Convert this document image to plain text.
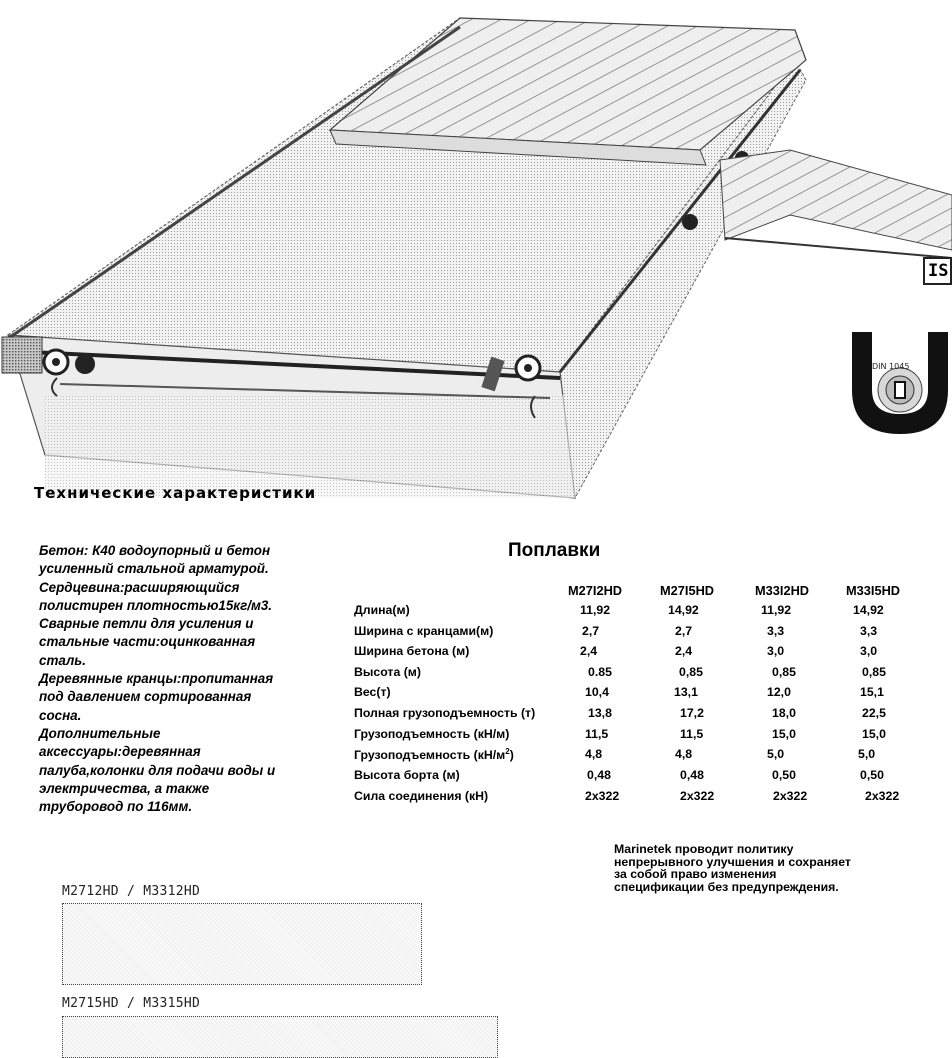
IS
DIN 1045
Технические характеристики
Бетон: К40 водоупорный и бетон
усиленный стальной арматурой.
Сердцевина:расширяющийся
полистирен плотностью15кг/м3.
Сварные петли для усиления и
стальные части:оцинкованная
сталь.
Деревянные кранцы:пропитанная
под давлением сортированная
сосна.
Дополнительные
аксессуары:деревянная
палуба,колонки для подачи воды и
электричества, а также
труборовод по 116мм.
Поплавки
M27I2HD	M27I5HD	M33I2HD	M33I5HD
Длина(м)	11,92	14,92	11,92	14,92
Ширина с кранцами(м)	2,7	2,7	3,3	3,3
Ширина бетона (м)	2,4	2,4	3,0	3,0
Высота (м)	0.85	0,85	0,85	0,85
Вес(т)	10,4	13,1	12,0	15,1
Полная грузоподъемность (т)	13,8	17,2	18,0	22,5
Грузоподъемность (кН/м)	11,5	11,5	15,0	15,0
Грузоподъемность $(кН/м^2)$	4,8	4,8	5,0	5,0
Высота борта (м)	0,48	0,48	0,50	0,50
Сила соединения (кН)	2x322	2x322	2x322	2x322
Marinetek проводит политику
непрерывного улучшения и сохраняет
за собой право изменения
спецификации без предупреждения.
M2712HD / M3312HD
M2715HD / M3315HD
